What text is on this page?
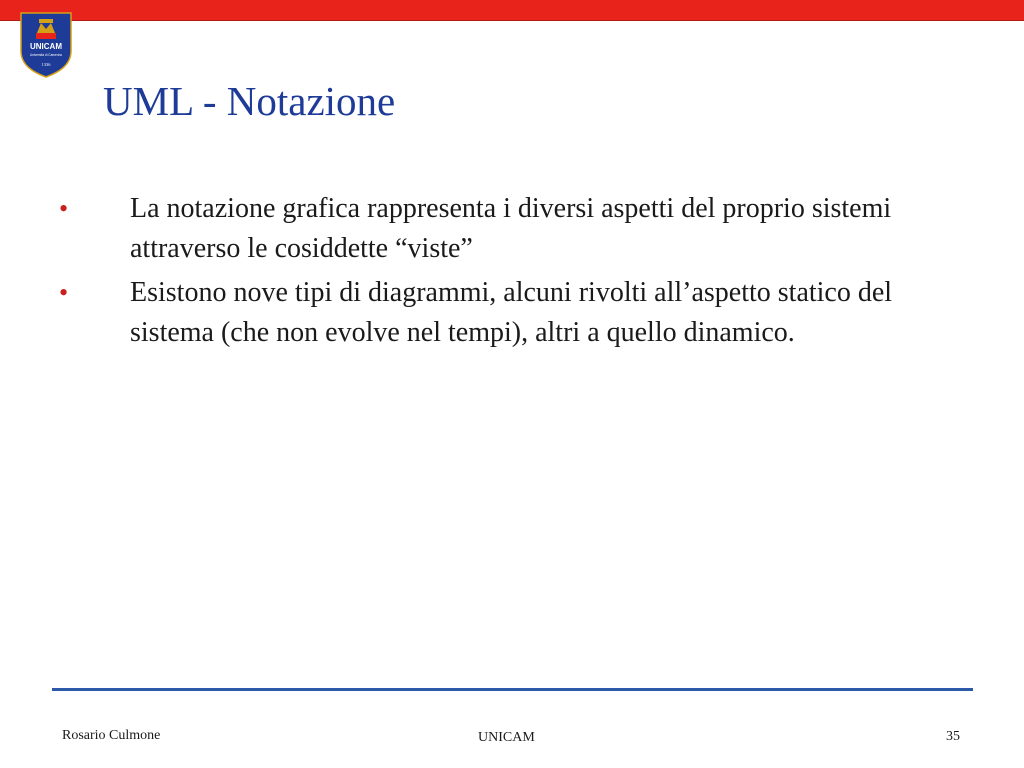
UNICAM
Università di Camerino
1336
UML - Notazione
• La notazione grafica rappresenta i diversi aspetti del proprio sistemi attraverso le cosiddette “viste”
• Esistono nove tipi di diagrammi, alcuni rivolti all’aspetto statico del sistema (che non evolve nel tempi), altri a quello dinamico.
Rosario Culmone	UNICAM	35
